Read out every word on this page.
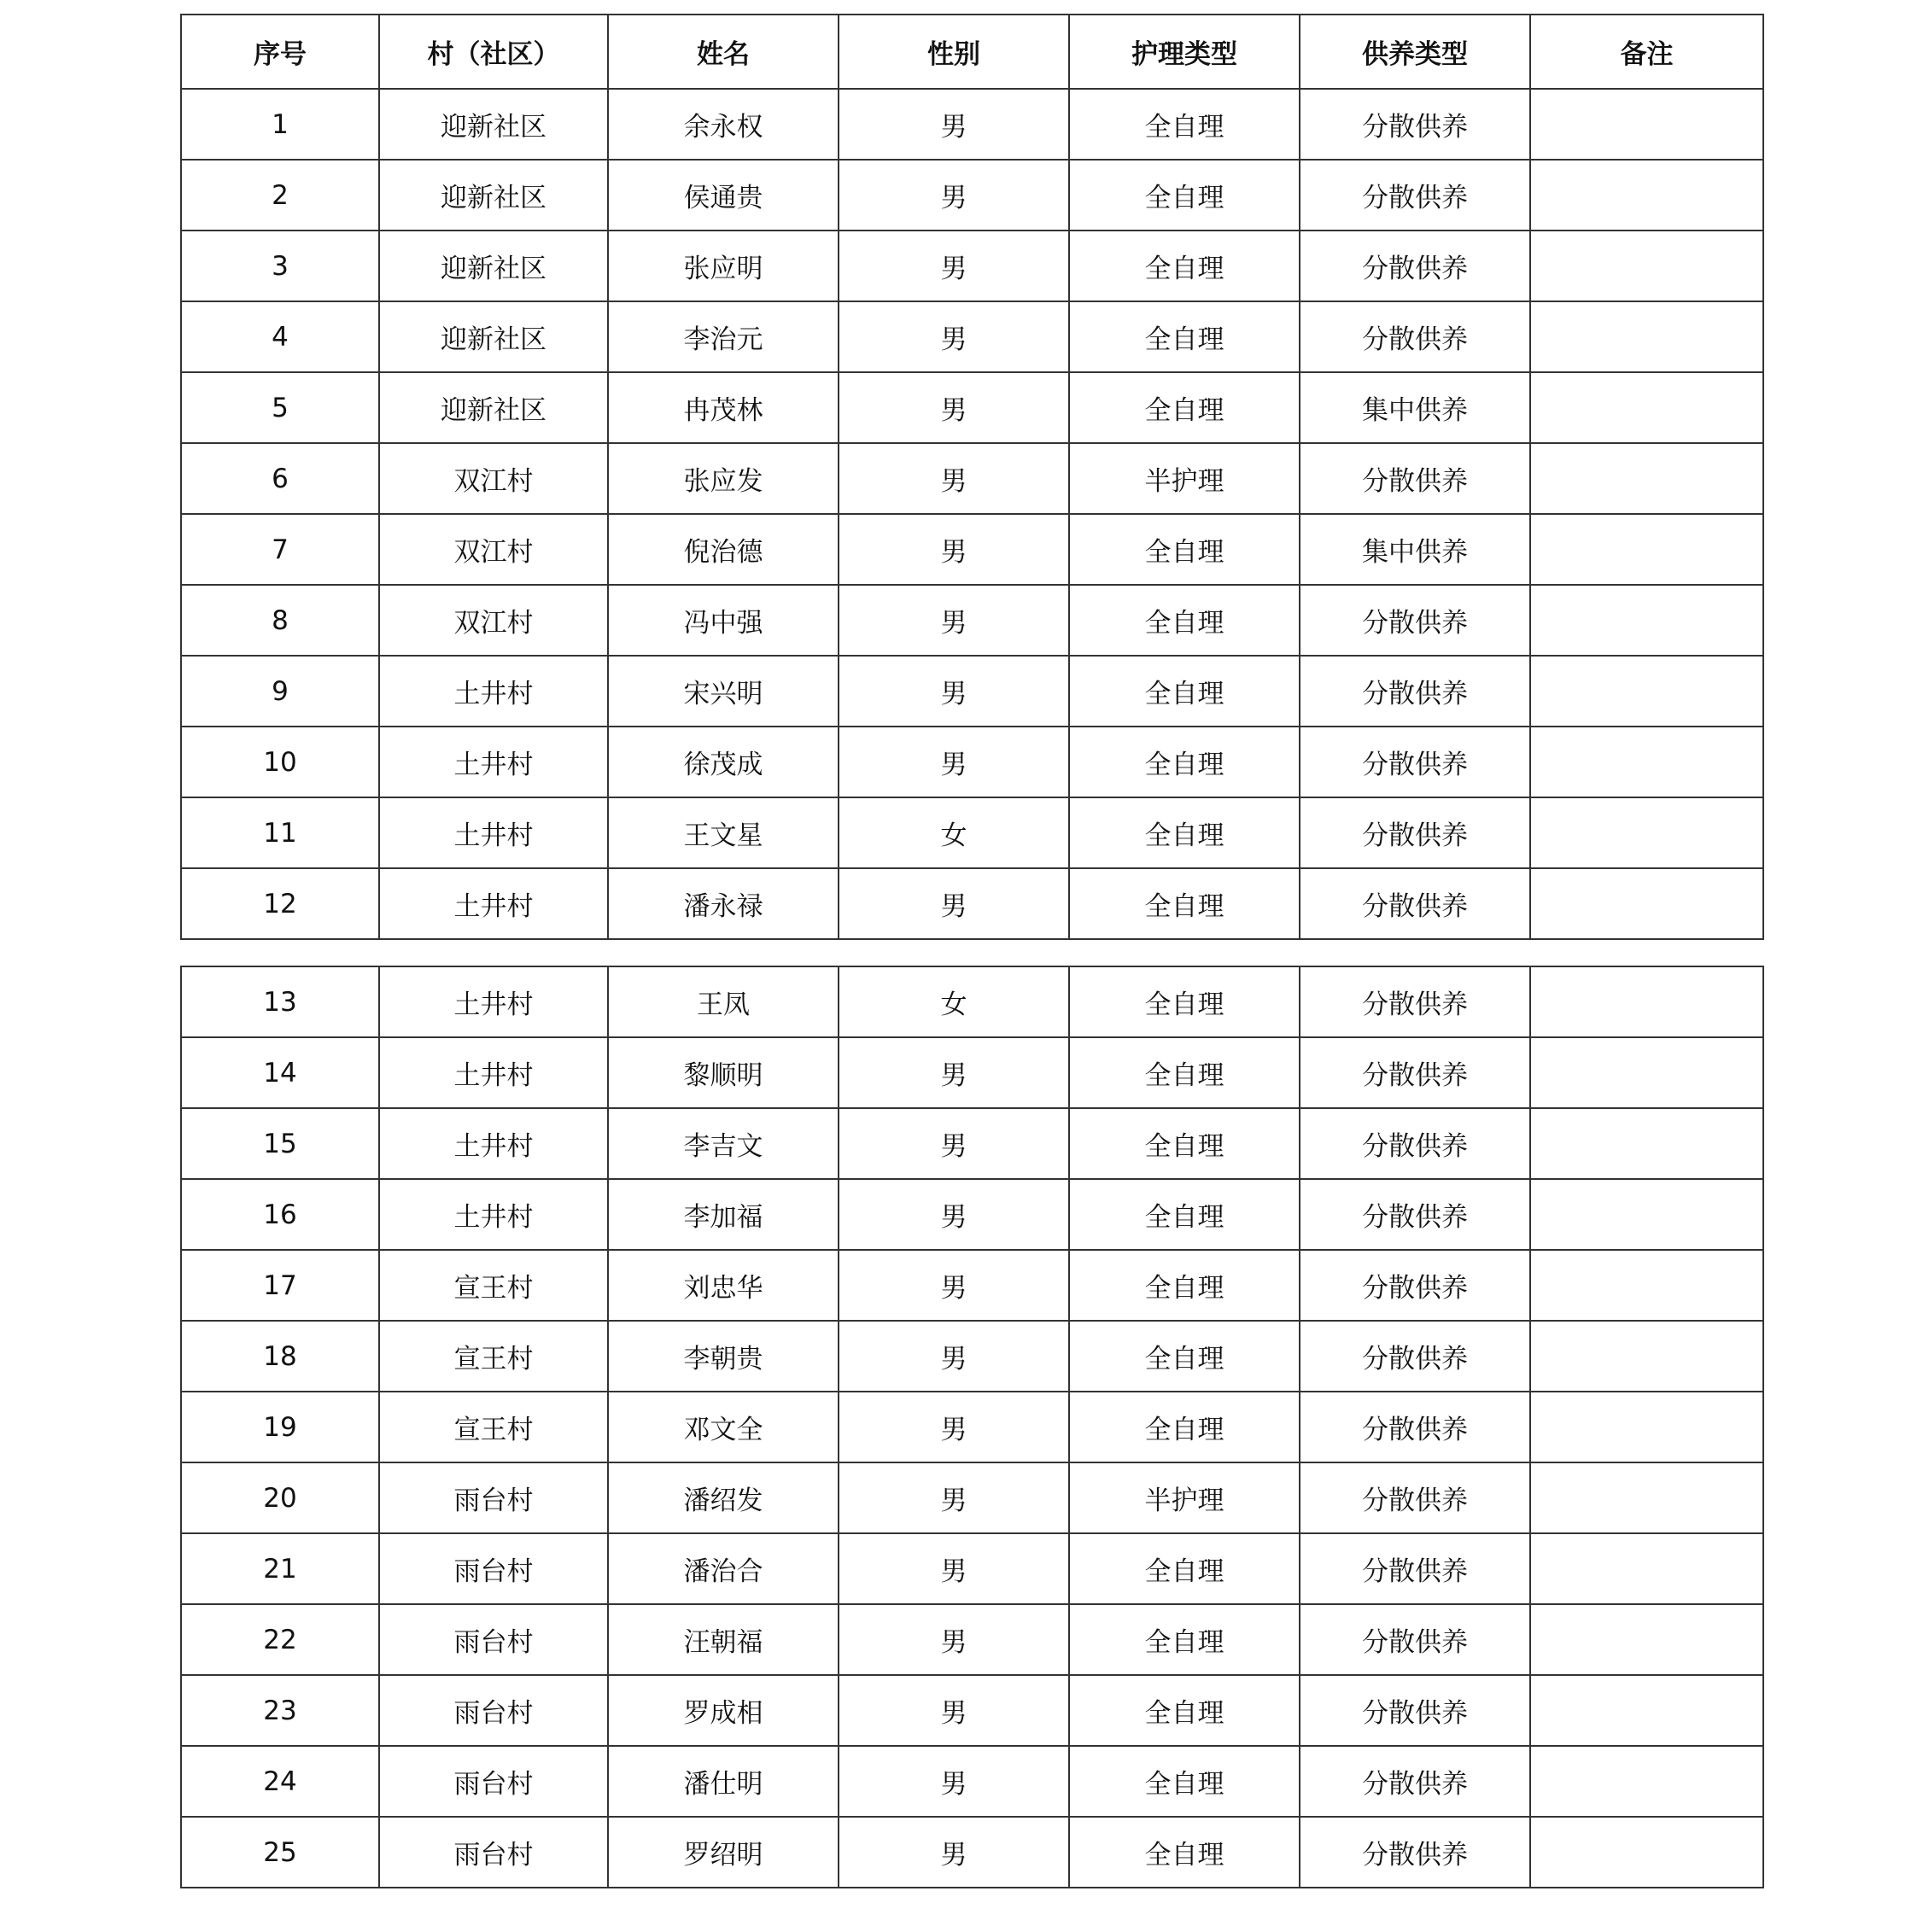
序号	村（社区）	姓名	性别	护理类型	供养类型	备注
1	迎新社区	余永权	男	全自理	分散供养	
2	迎新社区	侯通贵	男	全自理	分散供养	
3	迎新社区	张应明	男	全自理	分散供养	
4	迎新社区	李治元	男	全自理	分散供养	
5	迎新社区	冉茂林	男	全自理	集中供养	
6	双江村	张应发	男	半护理	分散供养	
7	双江村	倪治德	男	全自理	集中供养	
8	双江村	冯中强	男	全自理	分散供养	
9	土井村	宋兴明	男	全自理	分散供养	
10	土井村	徐茂成	男	全自理	分散供养	
11	土井村	王文星	女	全自理	分散供养	
12	土井村	潘永禄	男	全自理	分散供养	
13	土井村	王凤	女	全自理	分散供养	
14	土井村	黎顺明	男	全自理	分散供养	
15	土井村	李吉文	男	全自理	分散供养	
16	土井村	李加福	男	全自理	分散供养	
17	宣王村	刘忠华	男	全自理	分散供养	
18	宣王村	李朝贵	男	全自理	分散供养	
19	宣王村	邓文全	男	全自理	分散供养	
20	雨台村	潘绍发	男	半护理	分散供养	
21	雨台村	潘治合	男	全自理	分散供养	
22	雨台村	汪朝福	男	全自理	分散供养	
23	雨台村	罗成相	男	全自理	分散供养	
24	雨台村	潘仕明	男	全自理	分散供养	
25	雨台村	罗绍明	男	全自理	分散供养	
